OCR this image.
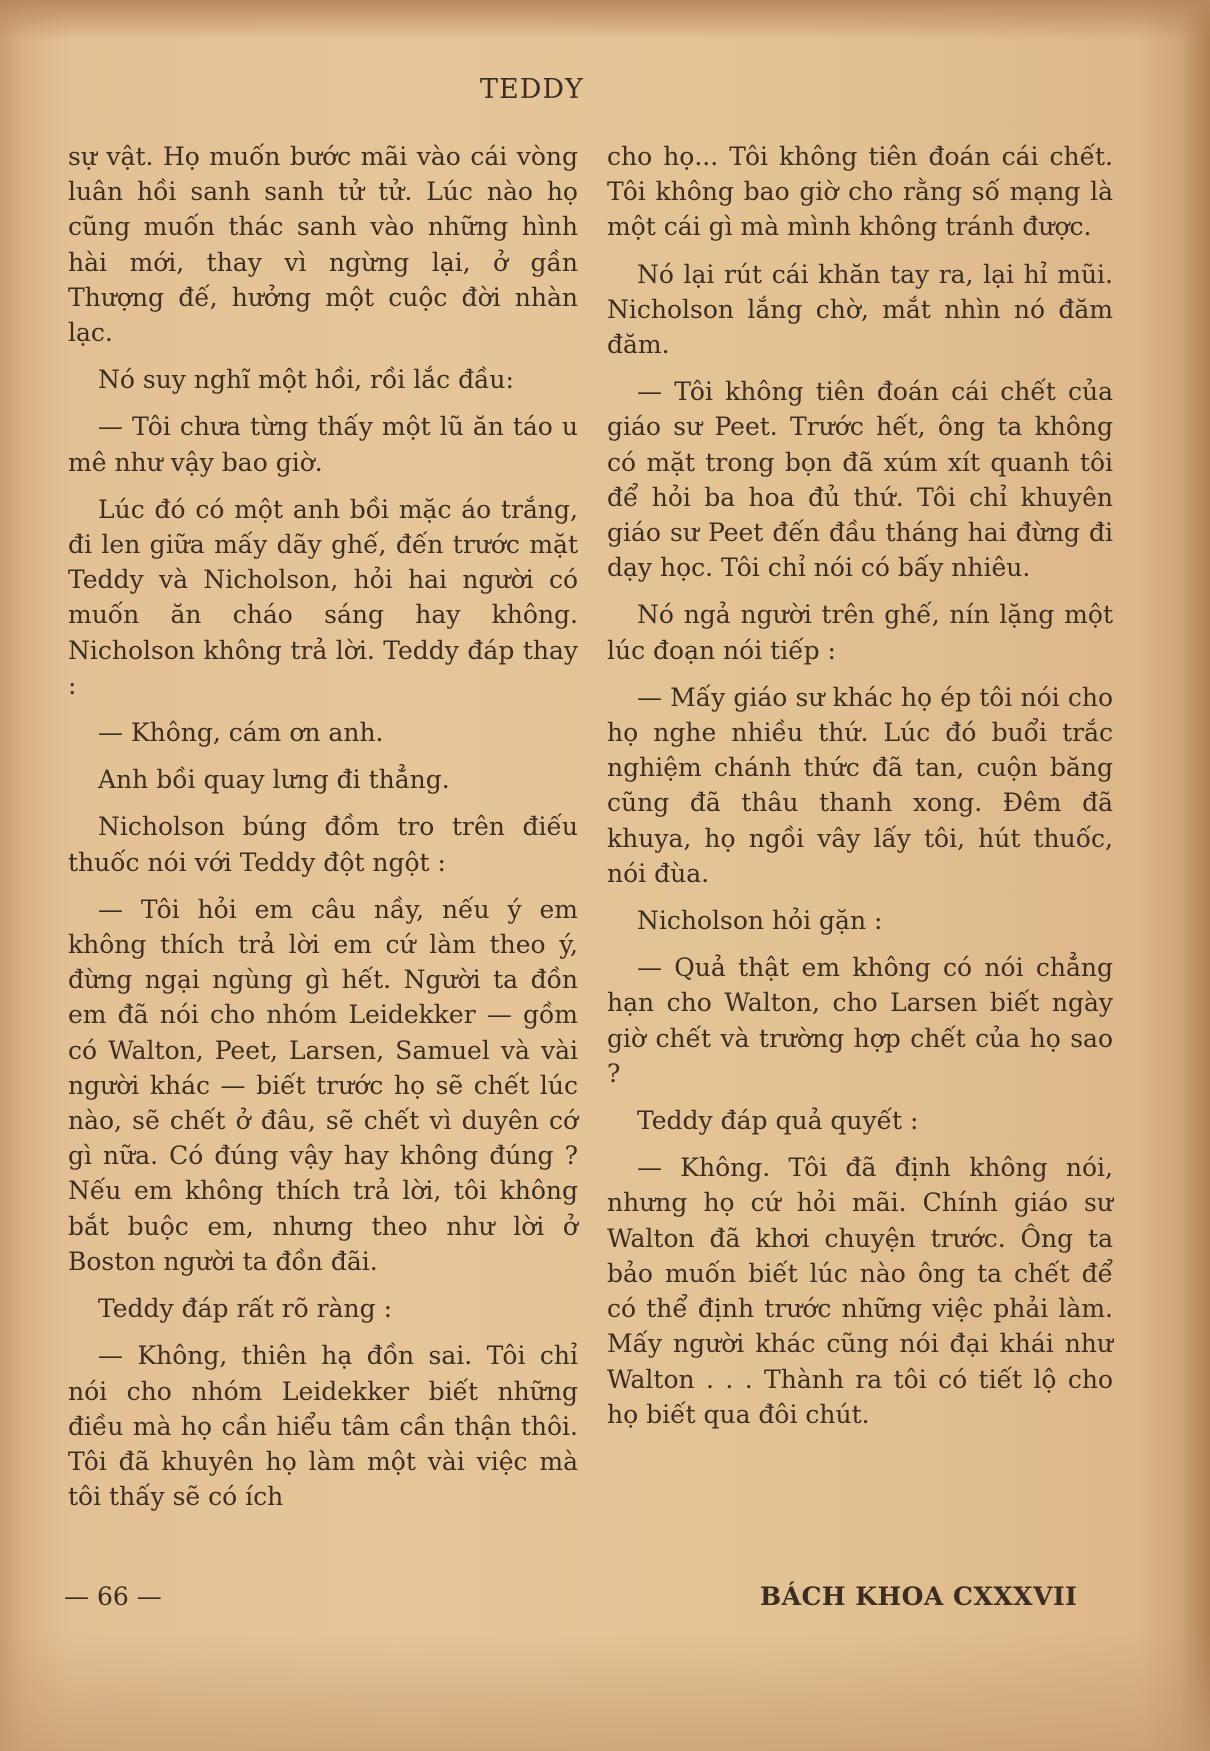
TEDDY

sự vật. Họ muốn bước mãi vào cái vòng luân hồi sanh sanh tử tử. Lúc nào họ cũng muốn thác sanh vào những hình hài mới, thay vì ngừng lại, ở gần Thượng đế, hưởng một cuộc đời nhàn lạc.

Nó suy nghĩ một hồi, rồi lắc đầu:

— Tôi chưa từng thấy một lũ ăn táo u mê như vậy bao giờ.

Lúc đó có một anh bồi mặc áo trắng, đi len giữa mấy dãy ghế, đến trước mặt Teddy và Nicholson, hỏi hai người có muốn ăn cháo sáng hay không. Nicholson không trả lời. Teddy đáp thay :

— Không, cám ơn anh.

Anh bồi quay lưng đi thẳng.

Nicholson búng đồm tro trên điếu thuốc nói với Teddy đột ngột :

— Tôi hỏi em câu nầy, nếu ý em không thích trả lời em cứ làm theo ý, đừng ngại ngùng gì hết. Người ta đồn em đã nói cho nhóm Leidekker — gồm có Walton, Peet, Larsen, Samuel và vài người khác — biết trước họ sẽ chết lúc nào, sẽ chết ở đâu, sẽ chết vì duyên cớ gì nữa. Có đúng vậy hay không đúng ? Nếu em không thích trả lời, tôi không bắt buộc em, nhưng theo như lời ở Boston người ta đồn đãi.

Teddy đáp rất rõ ràng :

— Không, thiên hạ đồn sai. Tôi chỉ nói cho nhóm Leidekker biết những điều mà họ cần hiểu tâm cần thận thôi. Tôi đã khuyên họ làm một vài việc mà tôi thấy sẽ có ích

cho họ... Tôi không tiên đoán cái chết. Tôi không bao giờ cho rằng số mạng là một cái gì mà mình không tránh được.

Nó lại rút cái khăn tay ra, lại hỉ mũi. Nicholson lắng chờ, mắt nhìn nó đăm đăm.

— Tôi không tiên đoán cái chết của giáo sư Peet. Trước hết, ông ta không có mặt trong bọn đã xúm xít quanh tôi để hỏi ba hoa đủ thứ. Tôi chỉ khuyên giáo sư Peet đến đầu tháng hai đừng đi dạy học. Tôi chỉ nói có bấy nhiêu.

Nó ngả người trên ghế, nín lặng một lúc đoạn nói tiếp :

— Mấy giáo sư khác họ ép tôi nói cho họ nghe nhiều thứ. Lúc đó buổi trắc nghiệm chánh thức đã tan, cuộn băng cũng đã thâu thanh xong. Đêm đã khuya, họ ngồi vây lấy tôi, hút thuốc, nói đùa.

Nicholson hỏi gặn :

— Quả thật em không có nói chẳng hạn cho Walton, cho Larsen biết ngày giờ chết và trường hợp chết của họ sao ?

Teddy đáp quả quyết :

— Không. Tôi đã định không nói, nhưng họ cứ hỏi mãi. Chính giáo sư Walton đã khơi chuyện trước. Ông ta bảo muốn biết lúc nào ông ta chết để có thể định trước những việc phải làm. Mấy người khác cũng nói đại khái như Walton . . . Thành ra tôi có tiết lộ cho họ biết qua đôi chút.

— 66 —	BÁCH KHOA CXXXVII
